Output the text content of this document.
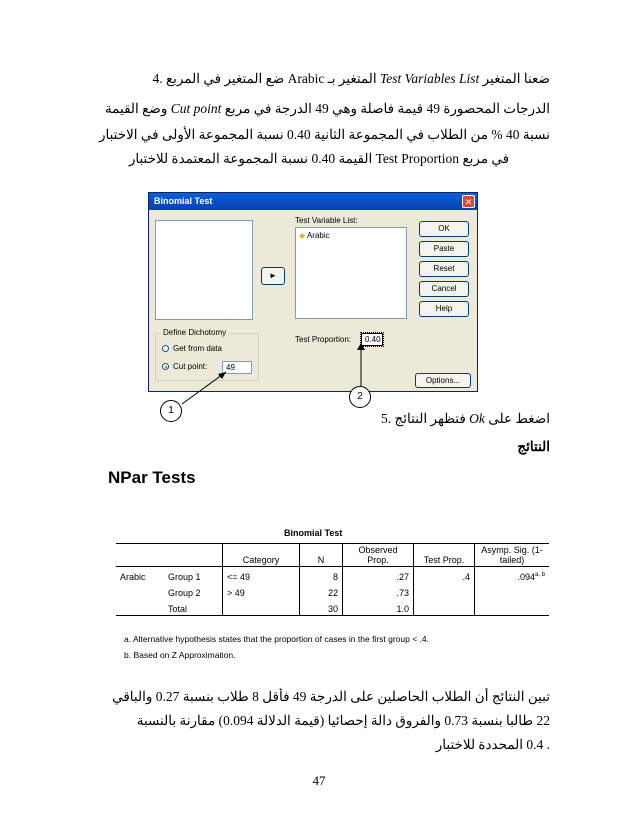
ضعنا المتغير Test Variables List المتغير بـ Arabic ضع المتغير في المربع .4
الدرجات المحصورة 49 قيمة فاصلة وهي 49 الدرجة في مربع Cut point وضع القيمة
نسبة 40 % من الطلاب في المجموعة الثانية 0.40 نسبة المجموعة الأولى في الاختبار
في مربع Test Proportion القيمة 0.40 نسبة المجموعة المعتمدة للاختبار
Binomial Test	✕
►
Test Variable List:
◈ Arabic
OK
Paste
Reset
Cancel
Help
Define Dichotomy
Get from data
Cut point:	49
Test Proportion:	0.40
Options...
1
2
اضغط على Ok فتظهر النتائج .5
النتائج
NPar Tests
Binomial Test
		Category	N	Observed Prop.	Test Prop.	Asymp. Sig. (1-tailed)
Arabic	Group 1	<= 49	8	.27	.4	.094$^{a, b}$
	Group 2	> 49	22	.73		
	Total		30	1.0		
a. Alternative hypothesis states that the proportion of cases in the first group < .4.
b. Based on Z Approximation.
تبين النتائج أن الطلاب الحاصلين على الدرجة 49 فأقل 8 طلاب بنسبة 0.27 والباقي
22 طالبا بنسبة 0.73 والفروق دالة إحصائيا (قيمة الدلالة 0.094) مقارنة بالنسبة
. 0.4 المحددة للاختبار
47
